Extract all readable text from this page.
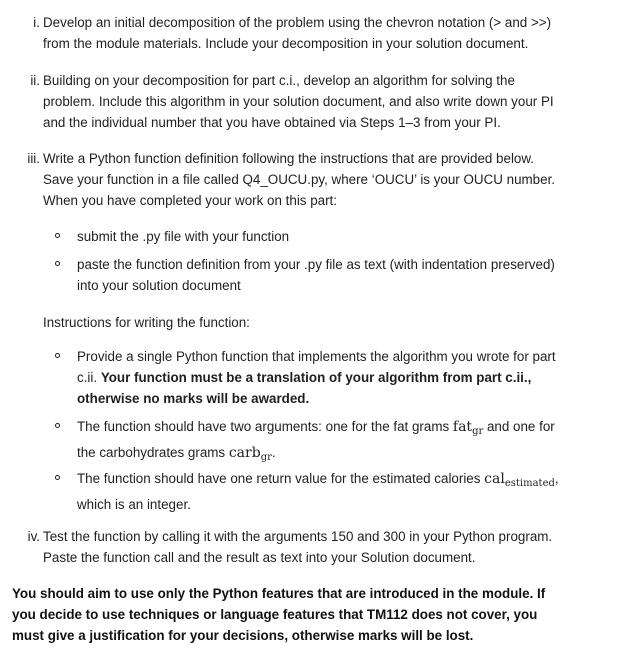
i. Develop an initial decomposition of the problem using the chevron notation (> and >>)
from the module materials. Include your decomposition in your solution document.
ii. Building on your decomposition for part c.i., develop an algorithm for solving the
problem. Include this algorithm in your solution document, and also write down your PI
and the individual number that you have obtained via Steps 1–3 from your PI.
iii. Write a Python function definition following the instructions that are provided below.
Save your function in a file called Q4_OUCU.py, where ‘OUCU’ is your OUCU number.
When you have completed your work on this part:
submit the .py file with your function
paste the function definition from your .py file as text (with indentation preserved)
into your solution document
Instructions for writing the function:
Provide a single Python function that implements the algorithm you wrote for part
c.ii. Your function must be a translation of your algorithm from part c.ii.,
otherwise no marks will be awarded.
The function should have two arguments: one for the fat grams fat$_{gr}$ and one for
the carbohydrates grams carb$_{gr}$.
The function should have one return value for the estimated calories cal$_{estimated}$,
which is an integer.
iv. Test the function by calling it with the arguments 150 and 300 in your Python program.
Paste the function call and the result as text into your Solution document.
You should aim to use only the Python features that are introduced in the module. If
you decide to use techniques or language features that TM112 does not cover, you
must give a justification for your decisions, otherwise marks will be lost.
